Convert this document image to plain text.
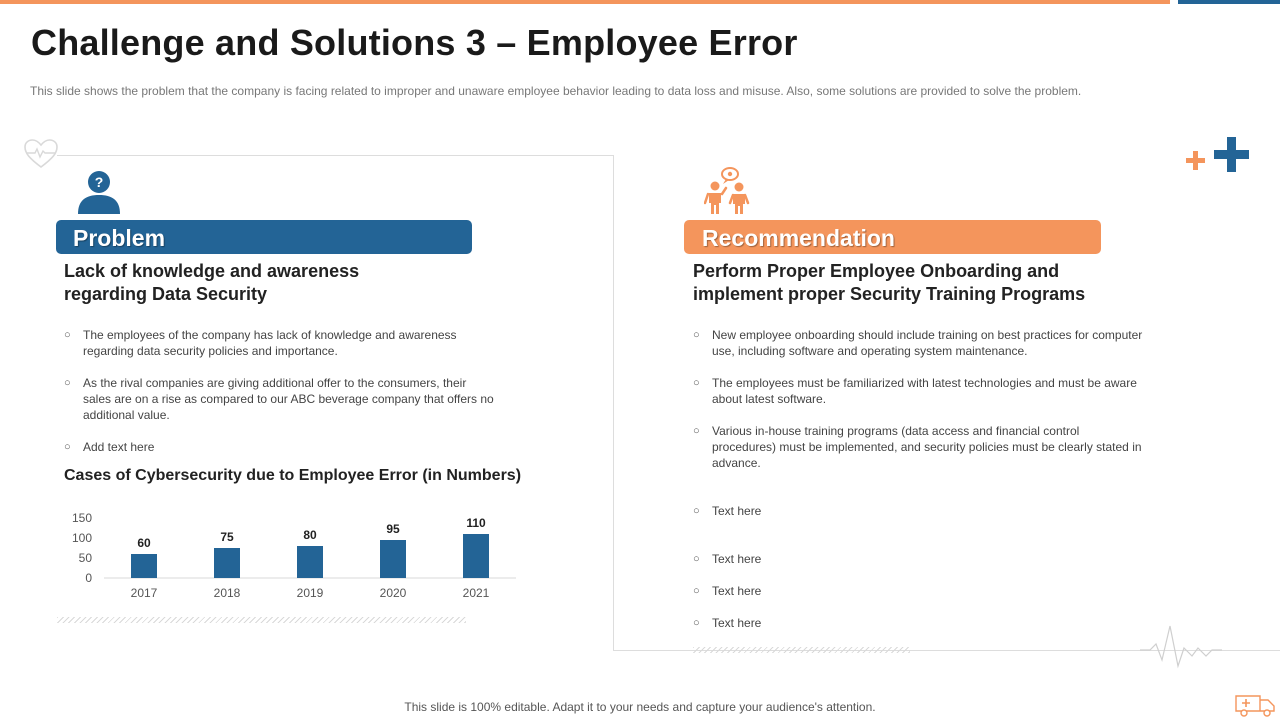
Challenge and Solutions 3 – Employee Error
This slide shows the problem that the company is facing related to improper and unaware employee behavior leading to data loss and misuse. Also, some solutions are provided to solve the problem.
?
Problem
Lack of knowledge and awareness
regarding Data Security
○	The employees of the company has lack of knowledge and awareness regarding data security policies and importance.
○	As the rival companies are giving additional offer to the consumers, their sales are on a rise as compared to our ABC beverage company that offers no additional value.
○	Add text here
Cases of Cybersecurity due to Employee Error (in Numbers)
0
50
100
150
60
2017
75
2018
80
2019
95
2020
110
2021
Recommendation
Perform Proper Employee Onboarding and
implement proper Security Training Programs
○	New employee onboarding should include training on best practices for computer use, including software and operating system maintenance.
○	The employees must be familiarized with latest technologies and must be aware about latest software.
○	Various in-house training programs (data access and financial control procedures) must be implemented, and security policies must be clearly stated in advance.
○	Text here
○	Text here
○	Text here
○	Text here
This slide is 100% editable. Adapt it to your needs and capture your audience's attention.
